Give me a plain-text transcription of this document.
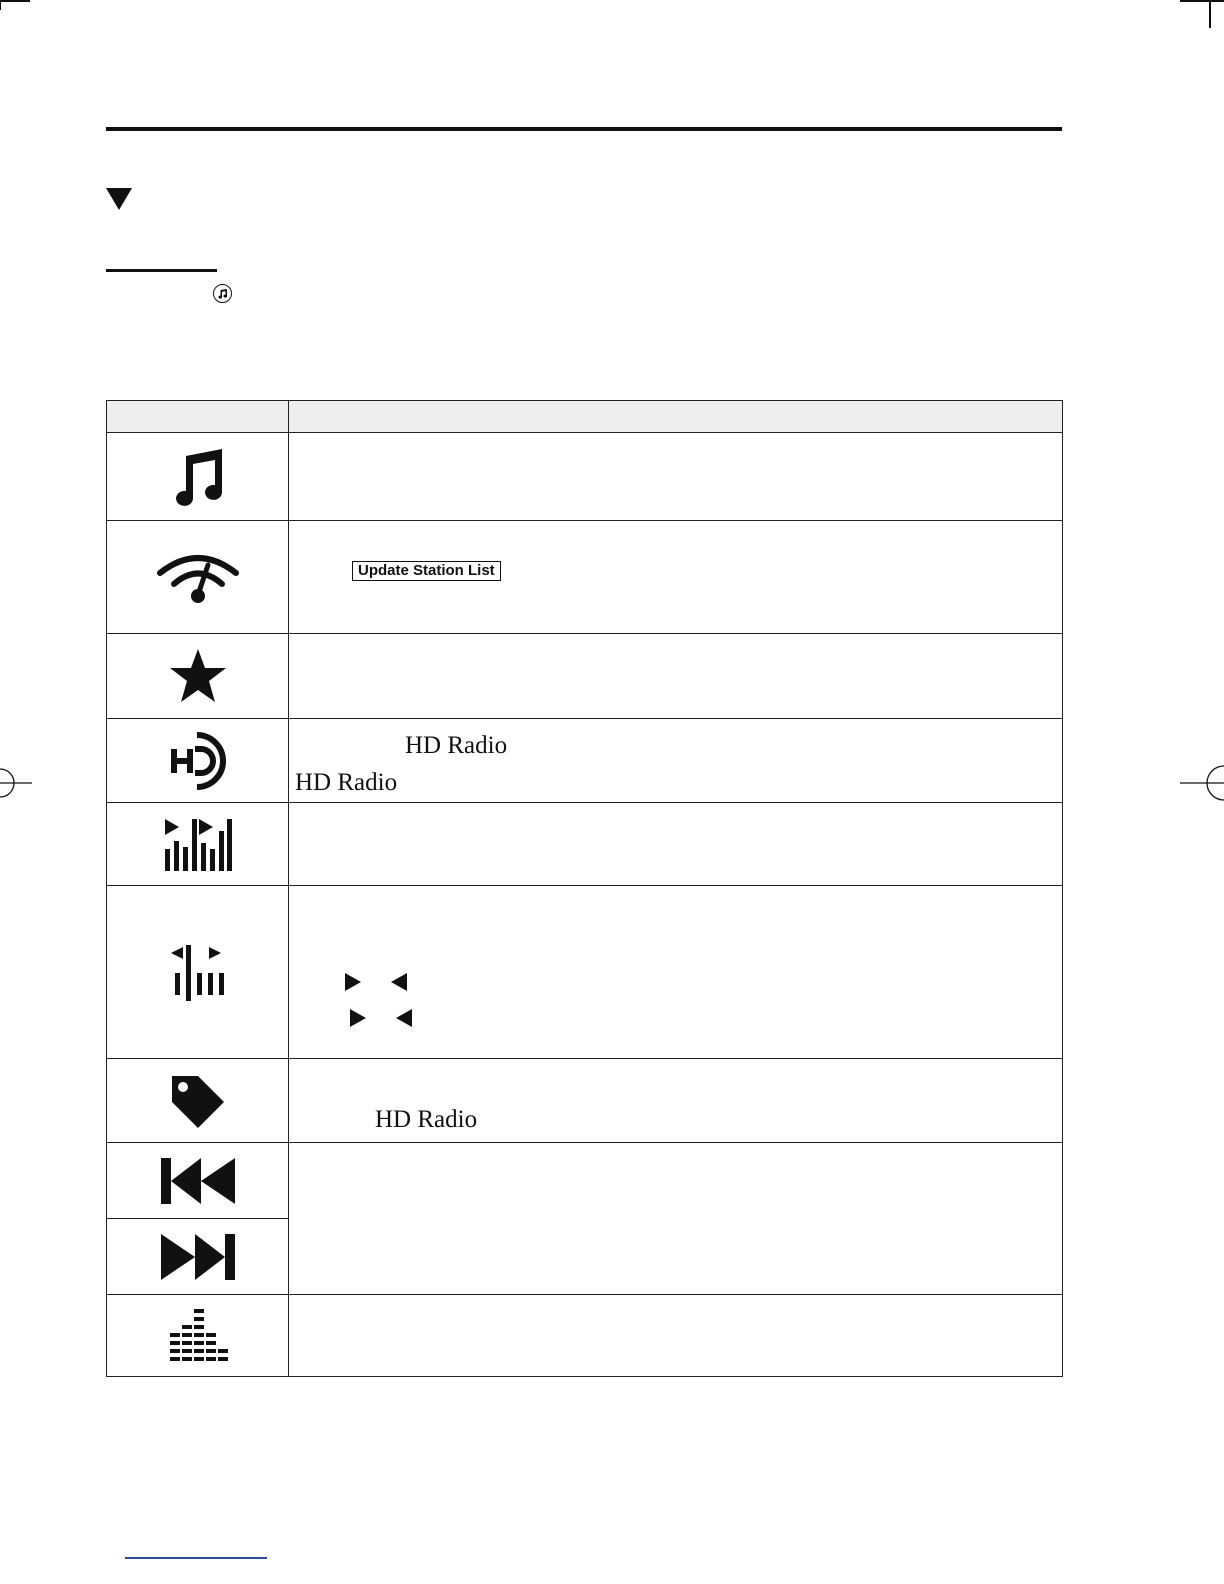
Update Station List

HD Radio
HD Radio

HD Radio
